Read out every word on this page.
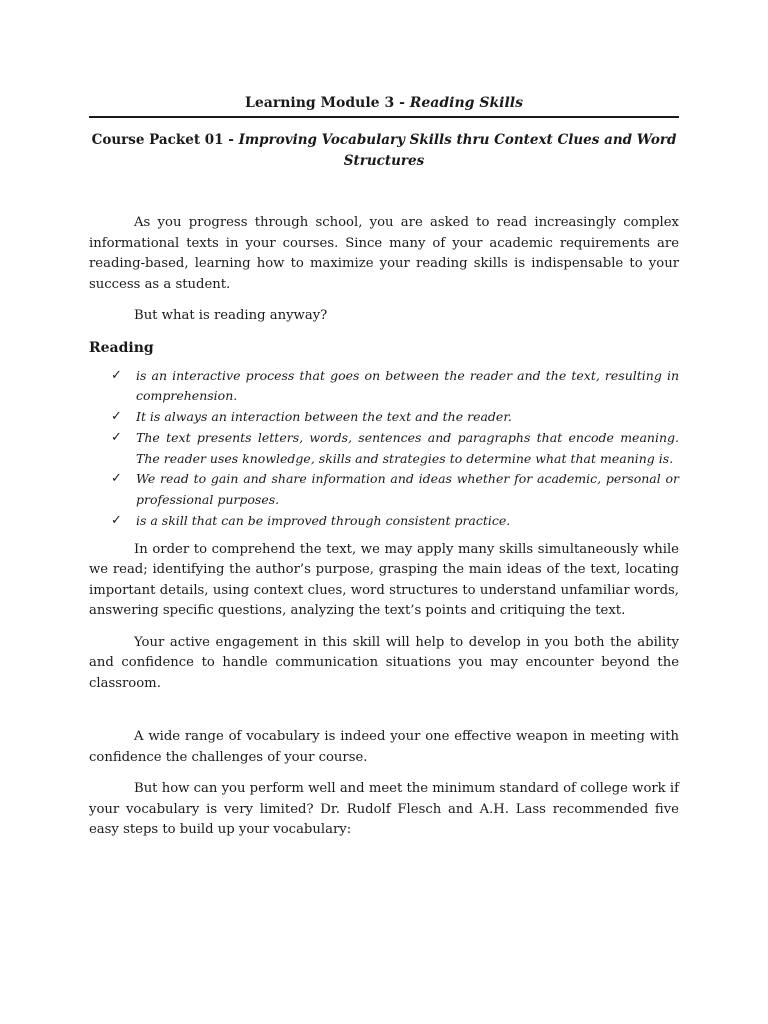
Learning Module 3 - Reading Skills
Course Packet 01 - Improving Vocabulary Skills thru Context Clues and Word Structures

As you progress through school, you are asked to read increasingly complex informational texts in your courses. Since many of your academic requirements are reading-based, learning how to maximize your reading skills is indispensable to your success as a student.

But what is reading anyway?

Reading
✓ is an interactive process that goes on between the reader and the text, resulting in comprehension.
✓ It is always an interaction between the text and the reader.
✓ The text presents letters, words, sentences and paragraphs that encode meaning. The reader uses knowledge, skills and strategies to determine what that meaning is.
✓ We read to gain and share information and ideas whether for academic, personal or professional purposes.
✓ is a skill that can be improved through consistent practice.

In order to comprehend the text, we may apply many skills simultaneously while we read; identifying the author’s purpose, grasping the main ideas of the text, locating important details, using context clues, word structures to understand unfamiliar words, answering specific questions, analyzing the text’s points and critiquing the text.

Your active engagement in this skill will help to develop in you both the ability and confidence to handle communication situations you may encounter beyond the classroom.

A wide range of vocabulary is indeed your one effective weapon in meeting with confidence the challenges of your course.

But how can you perform well and meet the minimum standard of college work if your vocabulary is very limited? Dr. Rudolf Flesch and A.H. Lass recommended five easy steps to build up your vocabulary:
